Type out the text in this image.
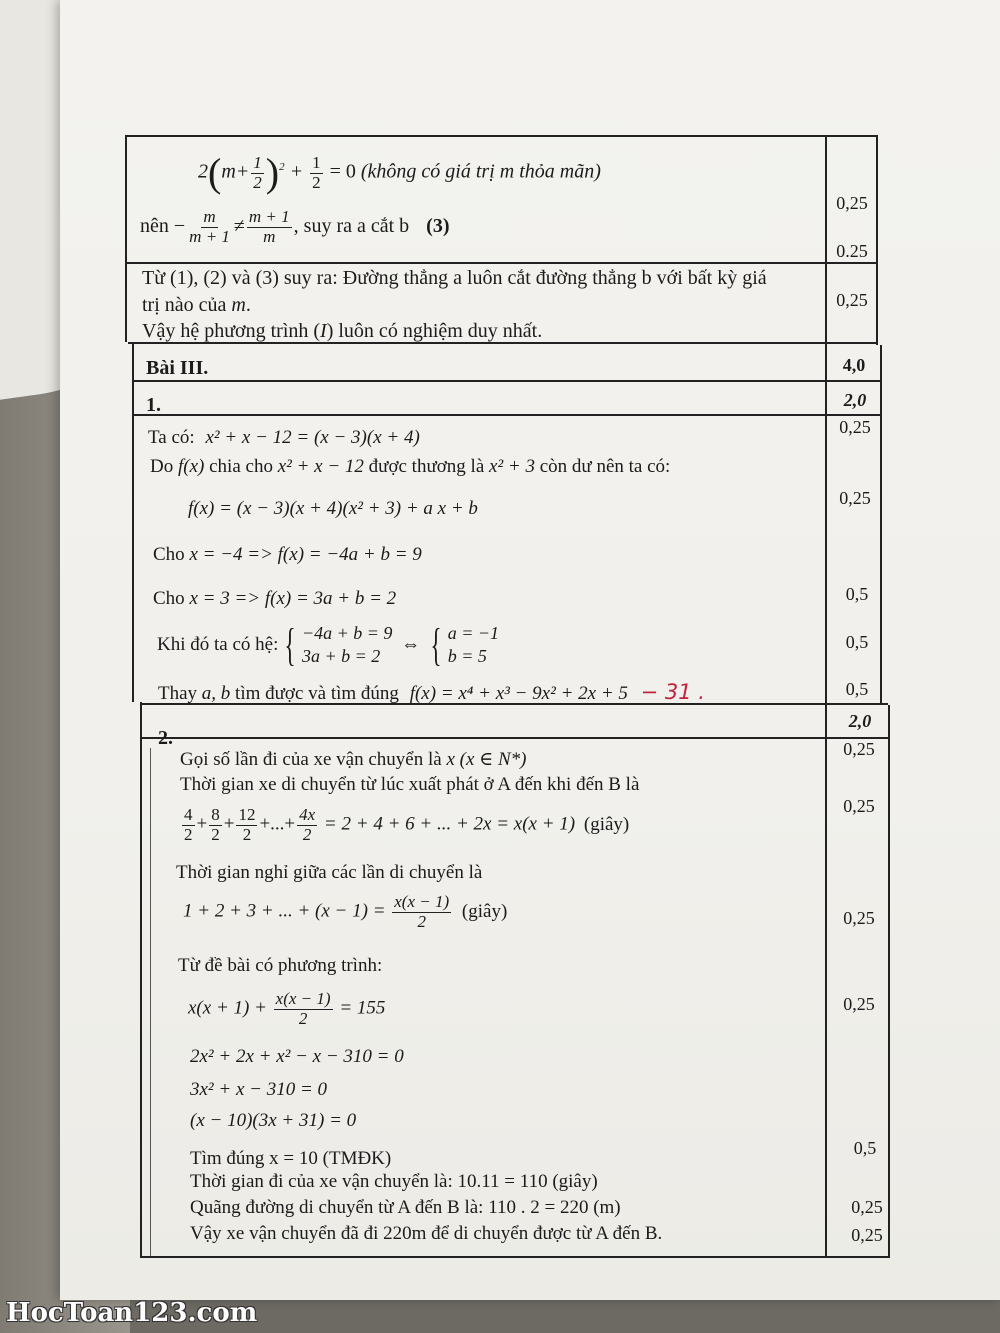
$2(m+ \frac{1}{2} )^2 + \frac{1}{2} = 0$ (không có giá trị m thỏa mãn)
nên − $\frac{m}{m + 1} \ne \frac{m + 1}{m}$ , suy ra a cắt b (3)
0,25
0.25
Từ (1), (2) và (3) suy ra: Đường thẳng a luôn cắt đường thẳng b với bất kỳ giá
trị nào của m.
Vậy hệ phương trình (I) luôn có nghiệm duy nhất.
0,25
Bài III.	4,0
1.	2,0
Ta có: x² + x − 12 = (x − 3)(x + 4)
Do f(x) chia cho x² + x − 12 được thương là x² + 3 còn dư nên ta có:
f(x) = (x − 3)(x + 4)(x² + 3) + a x + b
Cho x = −4 => f(x) = −4a + b = 9
Cho x = 3 => f(x) = 3a + b = 2
Khi đó ta có hệ: { −4a + b = 9
3a + b = 2
⇔ { a = −1
b = 5
Thay a, b tìm được và tìm đúng f(x) = x⁴ + x³ − 9x² + 2x + 5 − 31 .
0,25
0,25
0,5
0,5
0,5
2,0
2.
Gọi số lần đi của xe vận chuyển là x (x ∈ N*)
Thời gian xe di chuyển từ lúc xuất phát ở A đến khi đến B là
$\frac{4}{2} + \frac{8}{2} + \frac{12}{2}$ +...+ $\frac{4x}{2} = 2 + 4 + 6$ + ... + 2x = x(x + 1) (giây)
Thời gian nghỉ giữa các lần di chuyển là
1 + 2 + 3 + ... + $(x - 1) = \frac{x(x - 1)}{2}$ (giây)
Từ đề bài có phương trình:
$x(x + 1) + \frac{x(x - 1)}{2} = 155$
2x² + 2x + x² − x − 310 = 0
3x² + x − 310 = 0
(x − 10)(3x + 31) = 0
Tìm đúng x = 10 (TMĐK)
Thời gian đi của xe vận chuyển là: 10.11 = 110 (giây)
Quãng đường di chuyển từ A đến B là: 110 . 2 = 220 (m)
Vậy xe vận chuyển đã đi 220m để di chuyển được từ A đến B.
0,25
0,25
0,25
0,25
0,5
0,25
0,25
HocToan123.com
